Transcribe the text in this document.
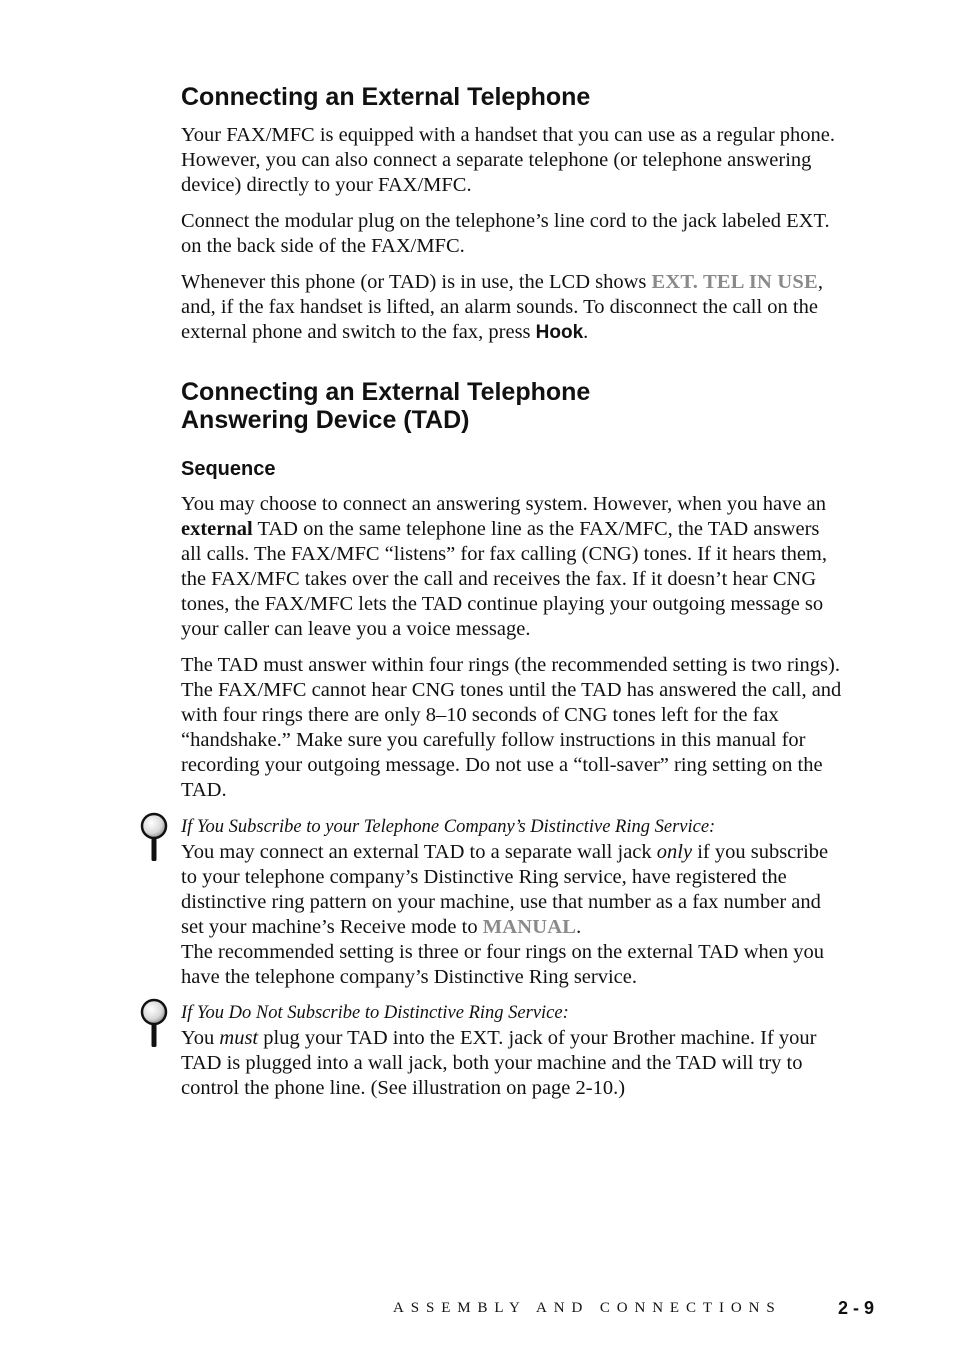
Connecting an External Telephone
Your FAX/MFC is equipped with a handset that you can use as a regular phone.
However, you can also connect a separate telephone (or telephone answering
device) directly to your FAX/MFC.
Connect the modular plug on the telephone’s line cord to the jack labeled EXT.
on the back side of the FAX/MFC.
Whenever this phone (or TAD) is in use, the LCD shows EXT. TEL IN USE,
and, if the fax handset is lifted, an alarm sounds. To disconnect the call on the
external phone and switch to the fax, press Hook.
Connecting an External Telephone
Answering Device (TAD)
Sequence
You may choose to connect an answering system. However, when you have an
external TAD on the same telephone line as the FAX/MFC, the TAD answers
all calls. The FAX/MFC “listens” for fax calling (CNG) tones. If it hears them,
the FAX/MFC takes over the call and receives the fax. If it doesn’t hear CNG
tones, the FAX/MFC lets the TAD continue playing your outgoing message so
your caller can leave you a voice message.
The TAD must answer within four rings (the recommended setting is two rings).
The FAX/MFC cannot hear CNG tones until the TAD has answered the call, and
with four rings there are only 8–10 seconds of CNG tones left for the fax
“handshake.” Make sure you carefully follow instructions in this manual for
recording your outgoing message. Do not use a “toll-saver” ring setting on the
TAD.
If You Subscribe to your Telephone Company’s Distinctive Ring Service:
You may connect an external TAD to a separate wall jack only if you subscribe
to your telephone company’s Distinctive Ring service, have registered the
distinctive ring pattern on your machine, use that number as a fax number and
set your machine’s Receive mode to MANUAL.
The recommended setting is three or four rings on the external TAD when you
have the telephone company’s Distinctive Ring service.
If You Do Not Subscribe to Distinctive Ring Service:
You must plug your TAD into the EXT. jack of your Brother machine. If your
TAD is plugged into a wall jack, both your machine and the TAD will try to
control the phone line. (See illustration on page 2-10.)
ASSEMBLY AND CONNECTIONS	2 - 9
